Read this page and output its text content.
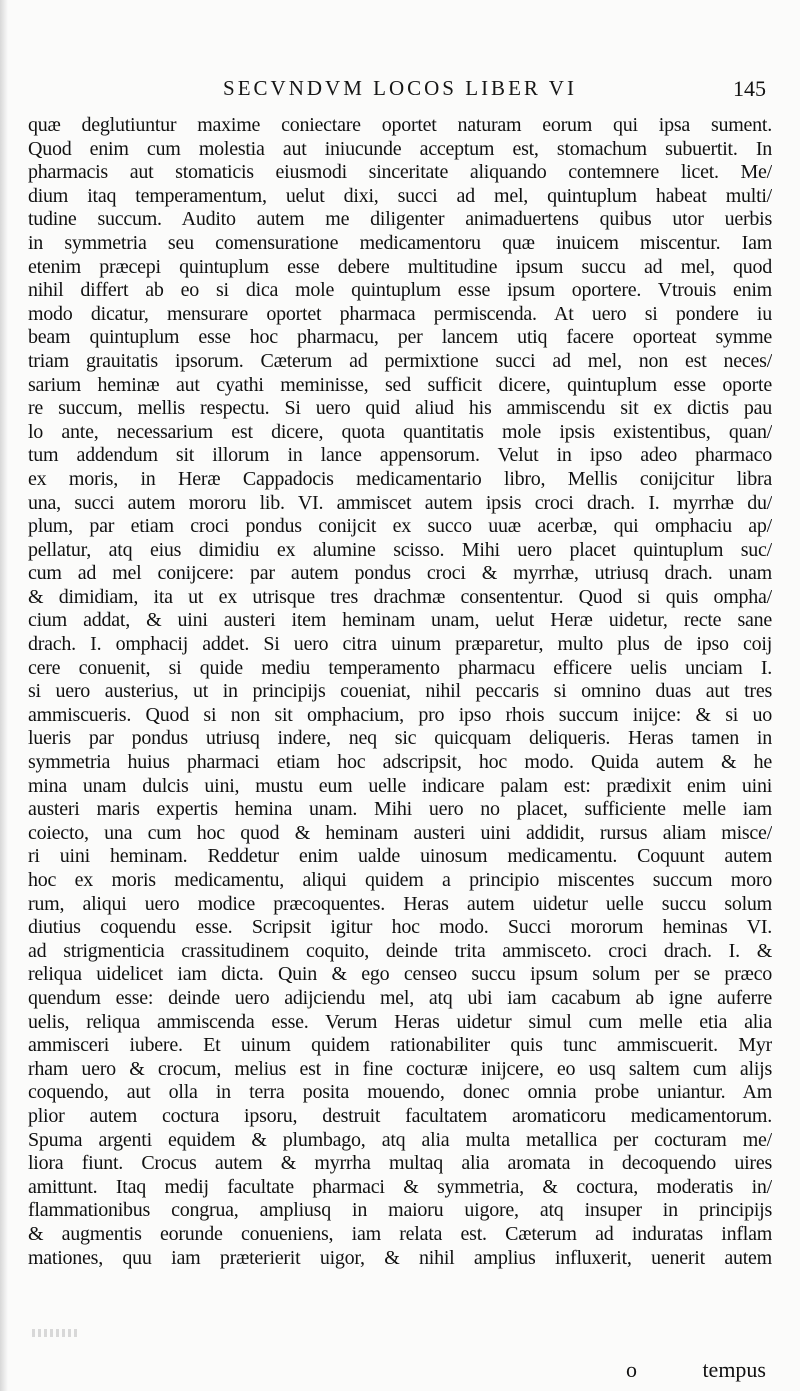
SECVNDVM LOCOS LIBER VI	145
quæ deglutiuntur maxime coniectare oportet naturam eorum qui ipsa sument.
Quod enim cum molestia aut iniucunde acceptum est, stomachum subuertit. In
pharmacis aut stomaticis eiusmodi sinceritate aliquando contemnere licet. Me/
dium itaq temperamentum, uelut dixi, succi ad mel, quintuplum habeat multi/
tudine succum. Audito autem me diligenter animaduertens quibus utor uerbis
in symmetria seu comensuratione medicamentoru quæ inuicem miscentur. Iam
etenim præcepi quintuplum esse debere multitudine ipsum succu ad mel, quod
nihil differt ab eo si dica mole quintuplum esse ipsum oportere. Vtrouis enim
modo dicatur, mensurare oportet pharmaca permiscenda. At uero si pondere iu
beam quintuplum esse hoc pharmacu, per lancem utiq facere oporteat symme
triam grauitatis ipsorum. Cæterum ad permixtione succi ad mel, non est neces/
sarium heminæ aut cyathi meminisse, sed sufficit dicere, quintuplum esse oporte
re succum, mellis respectu. Si uero quid aliud his ammiscendu sit ex dictis pau
lo ante, necessarium est dicere, quota quantitatis mole ipsis existentibus, quan/
tum addendum sit illorum in lance appensorum. Velut in ipso adeo pharmaco
ex moris, in Heræ Cappadocis medicamentario libro, Mellis conijcitur libra
una, succi autem mororu lib. VI. ammiscet autem ipsis croci drach. I. myrrhæ du/
plum, par etiam croci pondus conijcit ex succo uuæ acerbæ, qui omphaciu ap/
pellatur, atq eius dimidiu ex alumine scisso. Mihi uero placet quintuplum suc/
cum ad mel conijcere: par autem pondus croci & myrrhæ, utriusq drach. unam
& dimidiam, ita ut ex utrisque tres drachmæ consententur. Quod si quis ompha/
cium addat, & uini austeri item heminam unam, uelut Heræ uidetur, recte sane
drach. I. omphacij addet. Si uero citra uinum præparetur, multo plus de ipso coij
cere conuenit, si quide mediu temperamento pharmacu efficere uelis unciam I.
si uero austerius, ut in principijs coueniat, nihil peccaris si omnino duas aut tres
ammiscueris. Quod si non sit omphacium, pro ipso rhois succum inijce: & si uo
lueris par pondus utriusq indere, neq sic quicquam deliqueris. Heras tamen in
symmetria huius pharmaci etiam hoc adscripsit, hoc modo. Quida autem & he
mina unam dulcis uini, mustu eum uelle indicare palam est: prædixit enim uini
austeri maris expertis hemina unam. Mihi uero no placet, sufficiente melle iam
coiecto, una cum hoc quod & heminam austeri uini addidit, rursus aliam misce/
ri uini heminam. Reddetur enim ualde uinosum medicamentu. Coquunt autem
hoc ex moris medicamentu, aliqui quidem a principio miscentes succum moro
rum, aliqui uero modice præcoquentes. Heras autem uidetur uelle succu solum
diutius coquendu esse. Scripsit igitur hoc modo. Succi mororum heminas VI.
ad strigmenticia crassitudinem coquito, deinde trita ammisceto. croci drach. I. &
reliqua uidelicet iam dicta. Quin & ego censeo succu ipsum solum per se præco
quendum esse: deinde uero adijciendu mel, atq ubi iam cacabum ab igne auferre
uelis, reliqua ammiscenda esse. Verum Heras uidetur simul cum melle etia alia
ammisceri iubere. Et uinum quidem rationabiliter quis tunc ammiscuerit. Myr
rham uero & crocum, melius est in fine cocturæ inijcere, eo usq saltem cum alijs
coquendo, aut olla in terra posita mouendo, donec omnia probe uniantur. Am
plior autem coctura ipsoru, destruit facultatem aromaticoru medicamentorum.
Spuma argenti equidem & plumbago, atq alia multa metallica per cocturam me/
liora fiunt. Crocus autem & myrrha multaq alia aromata in decoquendo uires
amittunt. Itaq medij facultate pharmaci & symmetria, & coctura, moderatis in/
flammationibus congrua, ampliusq in maioru uigore, atq insuper in principijs
& augmentis eorunde conueniens, iam relata est. Cæterum ad induratas inflam
mationes, quu iam præterierit uigor, & nihil amplius influxerit, uenerit autem
o	tempus
